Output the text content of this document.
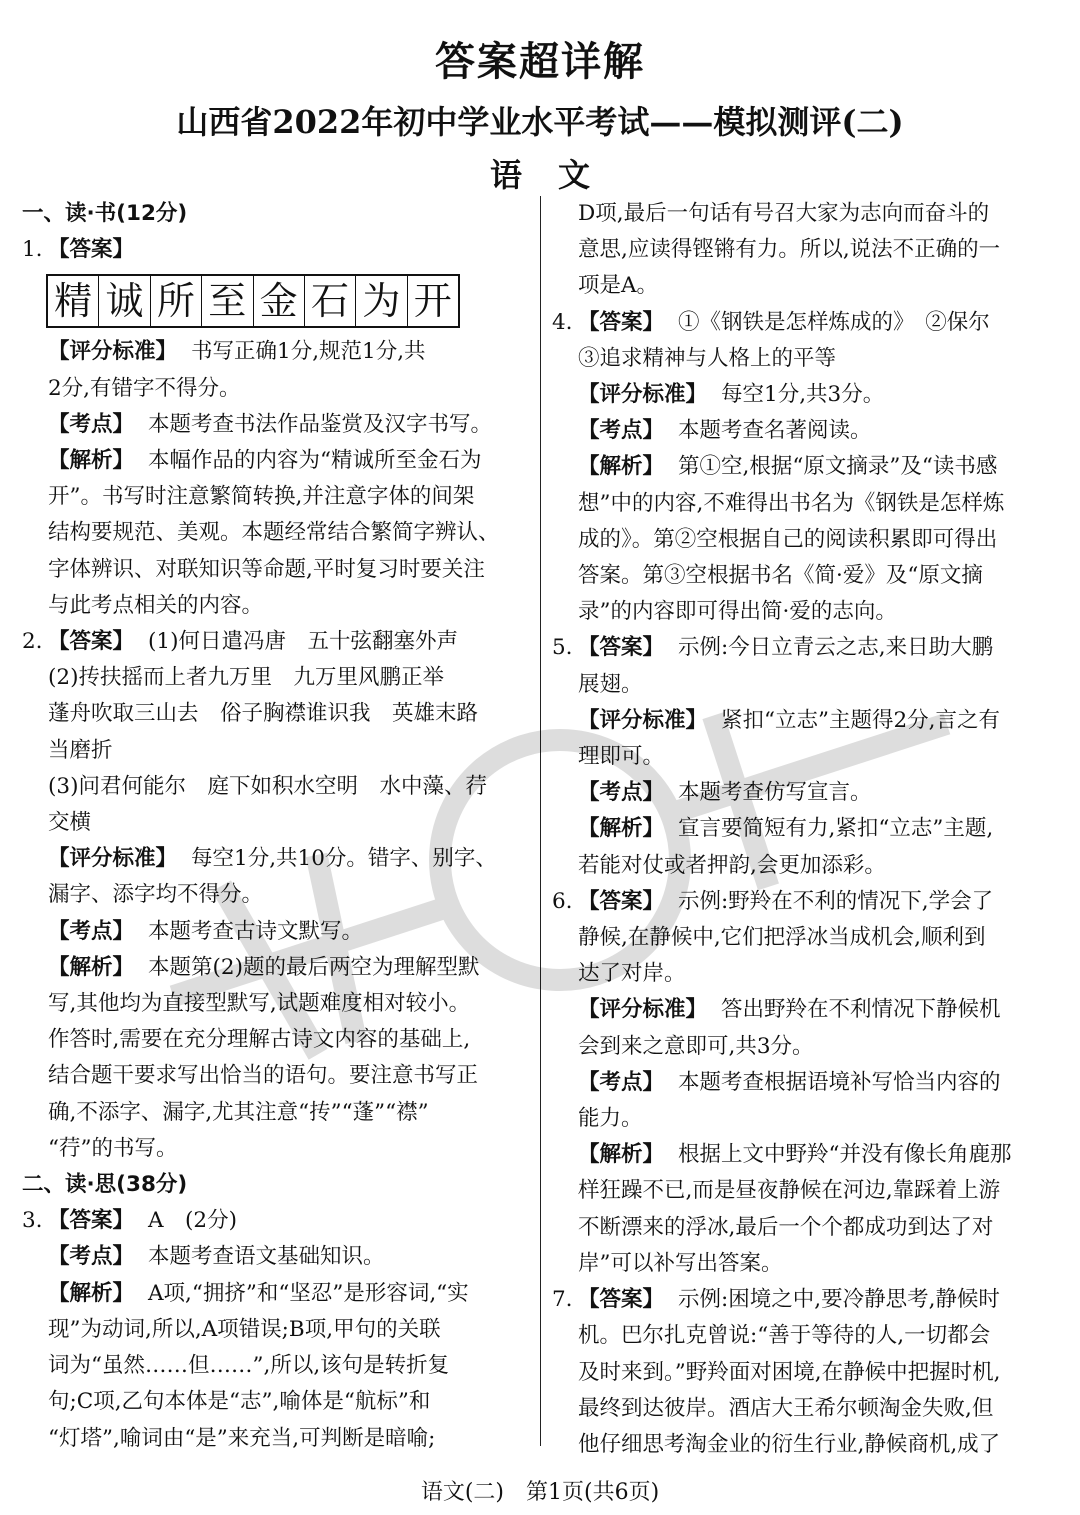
答案超详解
山西省2022年初中学业水平考试——模拟测评(二)
语 文
一、读·书(12分)
1. 【答案】
精 诚 所 至 金 石 为 开
【评分标准】 书写正确1分,规范1分,共
2分,有错字不得分。
【考点】 本题考查书法作品鉴赏及汉字书写。
【解析】 本幅作品的内容为“精诚所至金石为
开”。书写时注意繁简转换,并注意字体的间架
结构要规范、美观。本题经常结合繁简字辨认、
字体辨识、对联知识等命题,平时复习时要关注
与此考点相关的内容。
2. 【答案】 (1)何日遣冯唐　五十弦翻塞外声
(2)抟扶摇而上者九万里　九万里风鹏正举
蓬舟吹取三山去　俗子胸襟谁识我　英雄末路
当磨折
(3)问君何能尔　庭下如积水空明　水中藻、荇
交横
【评分标准】 每空1分,共10分。错字、别字、
漏字、添字均不得分。
【考点】 本题考查古诗文默写。
【解析】 本题第(2)题的最后两空为理解型默
写,其他均为直接型默写,试题难度相对较小。
作答时,需要在充分理解古诗文内容的基础上,
结合题干要求写出恰当的语句。要注意书写正
确,不添字、漏字,尤其注意“抟”“蓬”“襟”
“荇”的书写。
二、读·思(38分)
3. 【答案】 A　(2分)
【考点】 本题考查语文基础知识。
【解析】 A项,“拥挤”和“坚忍”是形容词,“实
现”为动词,所以,A项错误;B项,甲句的关联
词为“虽然……但……”,所以,该句是转折复
句;C项,乙句本体是“志”,喻体是“航标”和
“灯塔”,喻词由“是”来充当,可判断是暗喻;
D项,最后一句话有号召大家为志向而奋斗的
意思,应读得铿锵有力。所以,说法不正确的一
项是A。
4. 【答案】 ①《钢铁是怎样炼成的》　②保尔
③追求精神与人格上的平等
【评分标准】 每空1分,共3分。
【考点】 本题考查名著阅读。
【解析】 第①空,根据“原文摘录”及“读书感
想”中的内容,不难得出书名为《钢铁是怎样炼
成的》。第②空根据自己的阅读积累即可得出
答案。第③空根据书名《简·爱》及“原文摘
录”的内容即可得出简·爱的志向。
5. 【答案】 示例:今日立青云之志,来日助大鹏
展翅。
【评分标准】 紧扣“立志”主题得2分,言之有
理即可。
【考点】 本题考查仿写宣言。
【解析】 宣言要简短有力,紧扣“立志”主题,
若能对仗或者押韵,会更加添彩。
6. 【答案】 示例:野羚在不利的情况下,学会了
静候,在静候中,它们把浮冰当成机会,顺利到
达了对岸。
【评分标准】 答出野羚在不利情况下静候机
会到来之意即可,共3分。
【考点】 本题考查根据语境补写恰当内容的
能力。
【解析】 根据上文中野羚“并没有像长角鹿那
样狂躁不已,而是昼夜静候在河边,靠踩着上游
不断漂来的浮冰,最后一个个都成功到达了对
岸”可以补写出答案。
7. 【答案】 示例:困境之中,要冷静思考,静候时
机。巴尔扎克曾说:“善于等待的人,一切都会
及时来到。”野羚面对困境,在静候中把握时机,
最终到达彼岸。酒店大王希尔顿淘金失败,但
他仔细思考淘金业的衍生行业,静候商机,成了
语文(二)　第1页(共6页)
